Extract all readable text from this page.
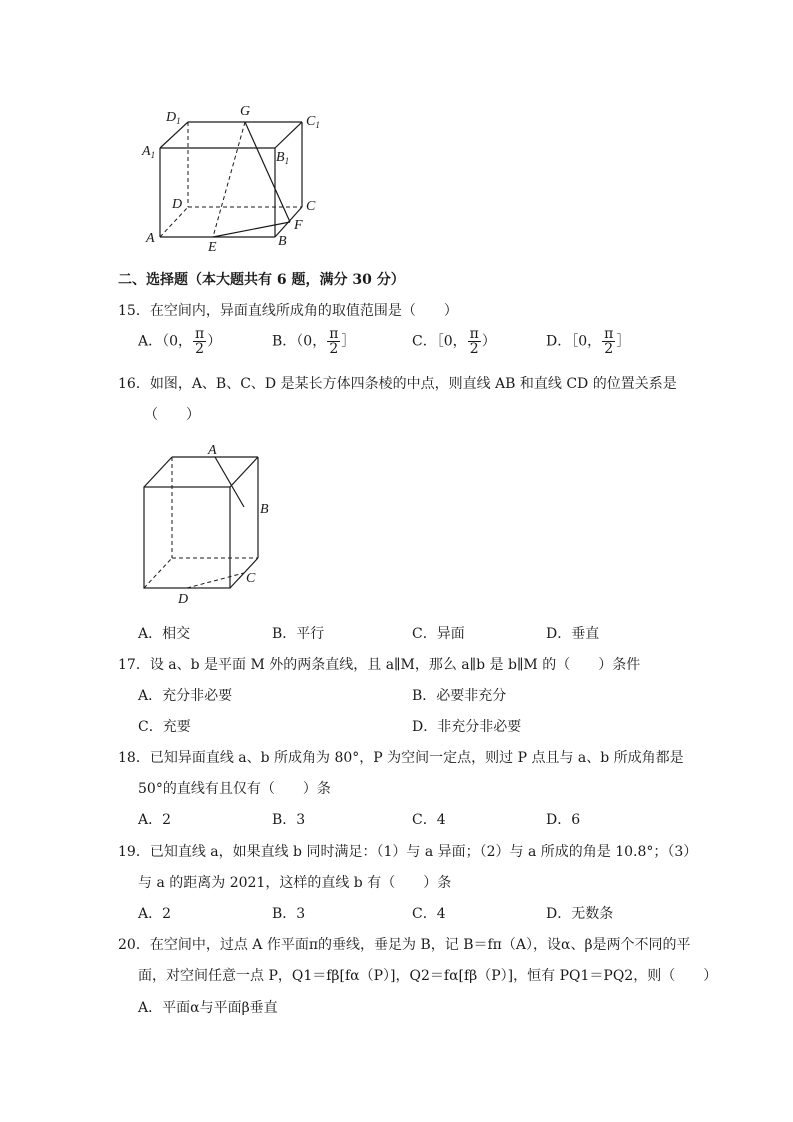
$D_1$
G
$C_1$
$A_1$	$B_1$
D	C
F
A
E	B
二、选择题（本大题共有 6 题，满分 30 分）
15．在空间内，异面直线所成角的取值范围是（　　）
A．（0， $\frac{\pi}{2}$ ）	B．（0， $\frac{\pi}{2}$ ］	C．［0， $\frac{\pi}{2}$ ）	D．［0， $\frac{\pi}{2}$ ］
16．如图，A、B、C、D 是某长方体四条棱的中点，则直线 AB 和直线 CD 的位置关系是
（　　）
A
B
C
D
A．相交	B．平行	C．异面	D．垂直
17．设 a、b 是平面 M 外的两条直线，且 a∥M，那么 a∥b 是 b∥M 的（　　）条件
A．充分非必要	B．必要非充分
C．充要	D．非充分非必要
18．已知异面直线 a、b 所成角为 80°，P 为空间一定点，则过 P 点且与 a、b 所成角都是
50°的直线有且仅有（　　）条
A．2	B．3	C．4	D．6
19．已知直线 a，如果直线 b 同时满足：（1）与 a 异面；（2）与 a 所成的角是 10.8°；（3）
与 a 的距离为 2021，这样的直线 b 有（　　）条
A．2	B．3	C．4	D．无数条
20．在空间中，过点 A 作平面π的垂线，垂足为 B，记 B＝fπ（A），设α、β是两个不同的平
面，对空间任意一点 P，Q1＝fβ[fα（P）]，Q2＝fα[fβ（P）]，恒有 PQ1＝PQ2，则（　　）
A．平面α与平面β垂直
